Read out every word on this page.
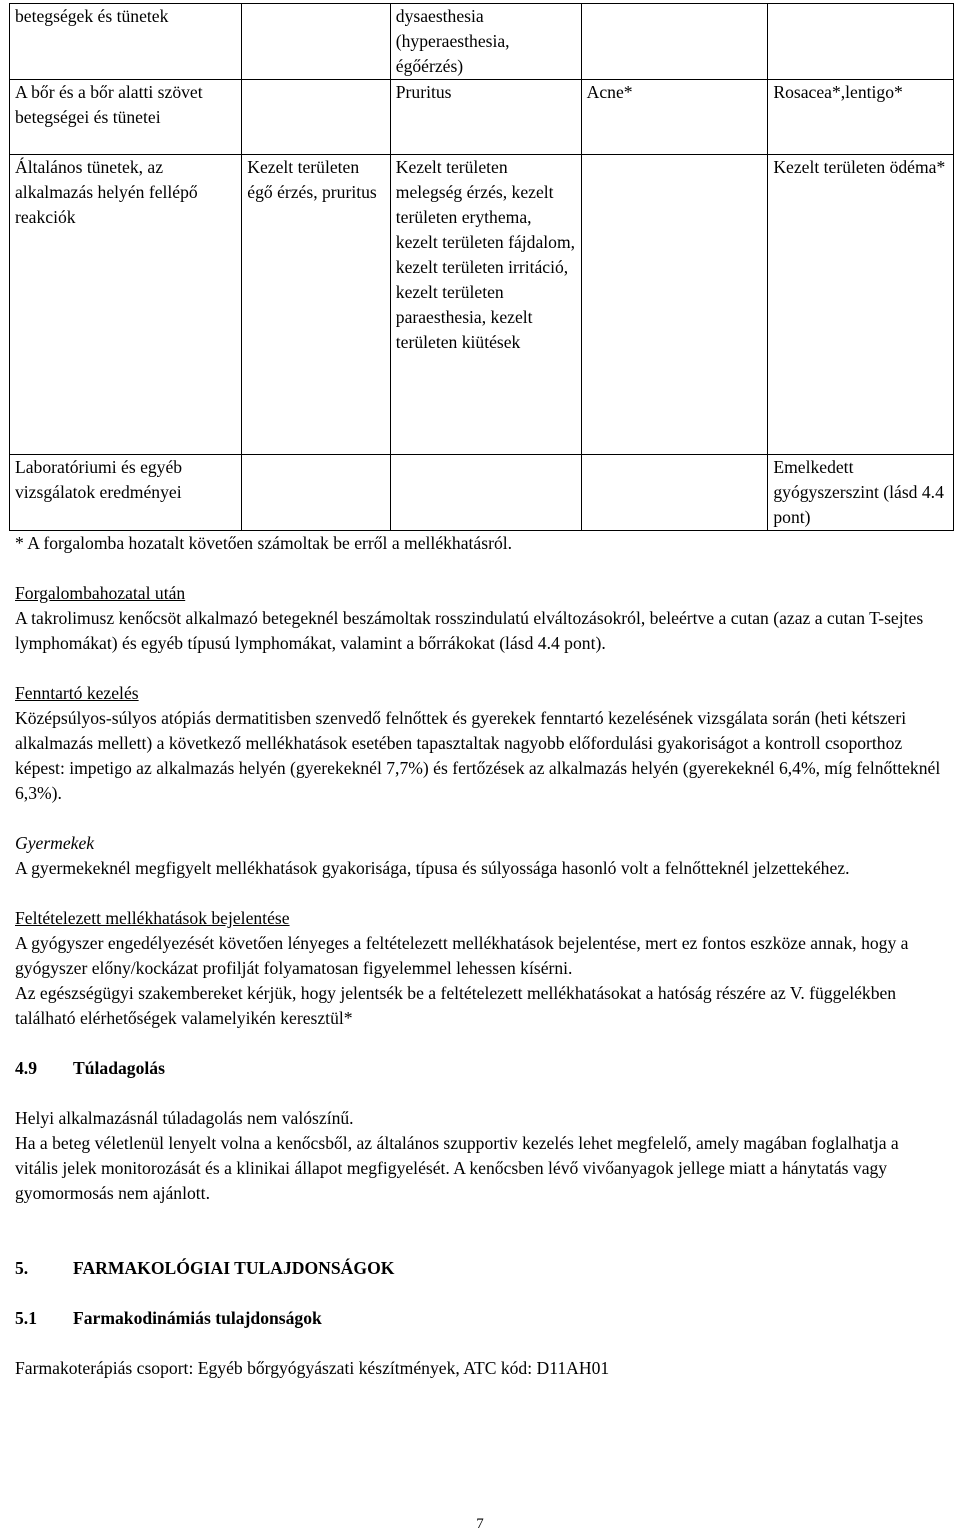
betegségek és tünetek		dysaesthesia (hyperaesthesia, égőérzés)		
A bőr és a bőr alatti szövet betegségei és tünetei		Pruritus	Acne*	Rosacea*,lentigo*
Általános tünetek, az alkalmazás helyén fellépő reakciók	Kezelt területen égő érzés, pruritus	Kezelt területen melegség érzés, kezelt területen erythema, kezelt területen fájdalom, kezelt területen irritáció, kezelt területen paraesthesia, kezelt területen kiütések		Kezelt területen ödéma*
Laboratóriumi és egyéb vizsgálatok eredményei				Emelkedett gyógyszerszint (lásd 4.4 pont)

* A forgalomba hozatalt követően számoltak be erről a mellékhatásról.

Forgalombahozatal után

A takrolimusz kenőcsöt alkalmazó betegeknél beszámoltak rosszindulatú elváltozásokról, beleértve a cutan (azaz a cutan T-sejtes lymphomákat) és egyéb típusú lymphomákat, valamint a bőrrákokat (lásd 4.4 pont).

Fenntartó kezelés

Középsúlyos-súlyos atópiás dermatitisben szenvedő felnőttek és gyerekek fenntartó kezelésének vizsgálata során (heti kétszeri alkalmazás mellett) a következő mellékhatások esetében tapasztaltak nagyobb előfordulási gyakoriságot a kontroll csoporthoz képest: impetigo az alkalmazás helyén (gyerekeknél 7,7%) és fertőzések az alkalmazás helyén (gyerekeknél 6,4%, míg felnőtteknél 6,3%).

Gyermekek

A gyermekeknél megfigyelt mellékhatások gyakorisága, típusa és súlyossága hasonló volt a felnőtteknél jelzettekéhez.

Feltételezett mellékhatások bejelentése

A gyógyszer engedélyezését követően lényeges a feltételezett mellékhatások bejelentése, mert ez fontos eszköze annak, hogy a gyógyszer előny/kockázat profilját folyamatosan figyelemmel lehessen kísérni.

Az egészségügyi szakembereket kérjük, hogy jelentsék be a feltételezett mellékhatásokat a hatóság részére az V. függelékben található elérhetőségek valamelyikén keresztül*

4.9 Túladagolás

Helyi alkalmazásnál túladagolás nem valószínű.

Ha a beteg véletlenül lenyelt volna a kenőcsből, az általános szupportiv kezelés lehet megfelelő, amely magában foglalhatja a vitális jelek monitorozását és a klinikai állapot megfigyelését. A kenőcsben lévő vivőanyagok jellege miatt a hánytatás vagy gyomormosás nem ajánlott.

5.	FARMAKOLÓGIAI TULAJDONSÁGOK

5.1 Farmakodinámiás tulajdonságok

Farmakoterápiás csoport: Egyéb bőrgyógyászati készítmények, ATC kód: D11AH01

7
